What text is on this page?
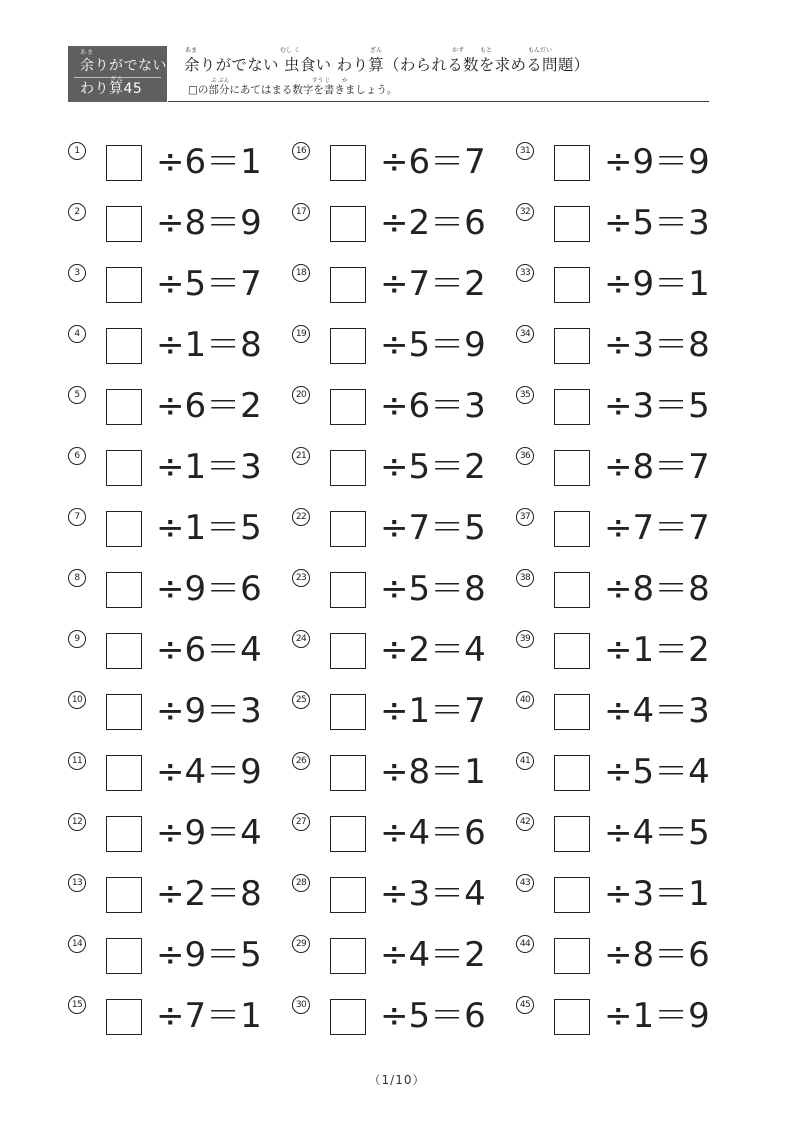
あま
余りがでない
ざん
わり算45
あま	むし く	ざん	かず	もと	もんだい
余りがでない 虫食い わり算（わられる数を求める問題）
ぶ ぶん	すう じ か
□の部分にあてはまる数字を書きましょう。
1 ÷6＝1
2 ÷8＝9
3 ÷5＝7
4 ÷1＝8
5 ÷6＝2
6 ÷1＝3
7 ÷1＝5
8 ÷9＝6
9 ÷6＝4
10 ÷9＝3
11 ÷4＝9
12 ÷9＝4
13 ÷2＝8
14 ÷9＝5
15 ÷7＝1
16 ÷6＝7
17 ÷2＝6
18 ÷7＝2
19 ÷5＝9
20 ÷6＝3
21 ÷5＝2
22 ÷7＝5
23 ÷5＝8
24 ÷2＝4
25 ÷1＝7
26 ÷8＝1
27 ÷4＝6
28 ÷3＝4
29 ÷4＝2
30 ÷5＝6
31 ÷9＝9
32 ÷5＝3
33 ÷9＝1
34 ÷3＝8
35 ÷3＝5
36 ÷8＝7
37 ÷7＝7
38 ÷8＝8
39 ÷1＝2
40 ÷4＝3
41 ÷5＝4
42 ÷4＝5
43 ÷3＝1
44 ÷8＝6
45 ÷1＝9
（1/10）
